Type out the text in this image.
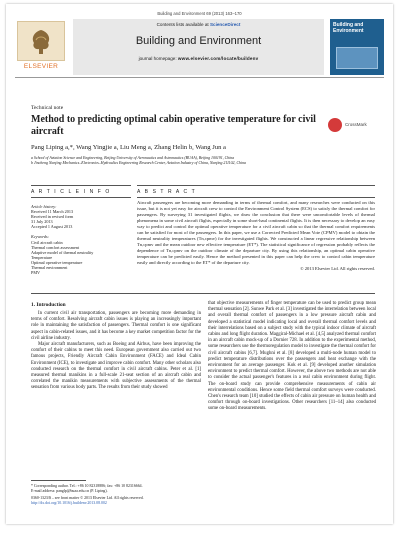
Building and Environment 69 (2013) 163–170
ELSEVIER
Contents lists available at ScienceDirect
Building and Environment
journal homepage: www.elsevier.com/locate/buildenv
Building and Environment
Technical note
Method to predicting optimal cabin operative temperature for civil aircraft
CrossMark
Pang Liping a,*, Wang Yingjie a, Liu Meng a, Zhang Helin b, Wang Jun a
a School of Aviation Science and Engineering, Beijing University of Aeronautics and Astronautics (BUAA), Beijing 100191, China
b Jincheng Nanjing Mechanics–Electronics–Hydraulics Engineering Research Center, Aviation Industry of China, Nanjing 211102, China
A R T I C L E I N F O	A B S T R A C T
Article history:
Received 11 March 2013
Received in revised form
31 July 2013
Accepted 1 August 2013
Keywords:
Civil aircraft cabin
Thermal comfort assessment
Adaptive model of thermal neutrality
Temperature
Optimal operative temperature
Thermal environment
PMV
Aircraft passengers are becoming more demanding in terms of thermal comfort, and many researches were conducted on this issue, but it is not yet easy for aircraft crew to control the Environment Control System (ECS) to satisfy the thermal comfort for passengers. By surveying 31 investigated flights, we draw the conclusion that there were uncomfortable levels of thermal phenomena in some civil aircraft flights, especially in some short-haul continental flights. It is then necessary to develop an easy way to predict and control the optimal operative temperature for a civil aircraft cabin so that the thermal comfort requirements can be satisfied for most of the passengers. In this paper, we use a Corrected Predicted Mean Vote (CPMV) model to obtain the thermal neutrality temperatures (Tn,cpmv) for the investigated flights. We constructed a linear regressive relationship between Tn,cpmv and the mean outdoor new effective temperature (ET*). The statistical significance of regression probably reflects the dependence of Tn,cpmv on the outdoor climate of the departure city. By using this relationship, an optimal cabin operative temperature can be predicted easily. Hence the method presented in this paper can help the crew to control cabin temperature easily and directly according to the ET* of the departure city.
© 2013 Elsevier Ltd. All rights reserved.
1. Introduction

In current civil air transportation, passengers are becoming more demanding in terms of comfort. Resolving aircraft cabin issues is playing an increasingly important role in maintaining the satisfaction of passengers. Thermal comfort is one significant aspect in cabin-related issues, and it has become a key market competition factor for the civil airline industry.

Major aircraft manufacturers, such as Boeing and Airbus, have been improving the comfort of their cabins to meet this need. European government also carried out two famous projects, Friendly Aircraft Cabin Environment (FACE) and Ideal Cabin Environment (ICE), to investigate and improve cabin comfort. Many other scholars also conducted research on the thermal comfort in civil aircraft cabins. Peter et al. [1] measured thermal manikins in a full-scale 21-seat section of an aircraft cabin and correlated the manikin measurements with subjective assessments of the thermal sensation from various body parts. The results from their study showed

that objective measurements of finger temperature can be used to predict group mean thermal sensation [2]. Sunwe Park et al. [3] investigated the interrelation between local and overall thermal comfort of passengers in a low pressure aircraft cabin and developed a statistical model indicating local and overall thermal comfort levels and their interrelations based on a subject study with the typical indoor climate of aircraft cabins and long flight duration. Maggiral-Michael et al. [4,5] analyzed thermal comfort in an aircraft cabin mock-up of a Dornier 728. In addition to the experimental method, some researchers use the thermoregulation model to investigate the thermal comfort for civil aircraft cabins [6,7]. Mughni et al. [8] developed a multi-node human model to predict temperature distributions over the passengers and heat exchange with the environment for an average passenger. Kok et al. [9] developed another simulation environment to predict thermal comfort. However, the above two methods are not able to consider the actual passenger's features in a real cabin environment during flight. The on-board study can provide comprehensive measurements of cabin air environmental conditions. Hence some field thermal comfort surveys were conducted. Chen's research team [10] studied the effects of cabin air pressure on human health and comfort through on-board investigations. Other researchers [11–14] also conducted some on-board measurements.

* Corresponding author. Tel.: +86 10 82318886; fax: +86 10 82316664.
E-mail address: panglp@buaa.edu.cn (P. Liping).
0360-1323/$ – see front matter © 2013 Elsevier Ltd. All rights reserved.
http://dx.doi.org/10.1016/j.buildenv.2013.08.002
